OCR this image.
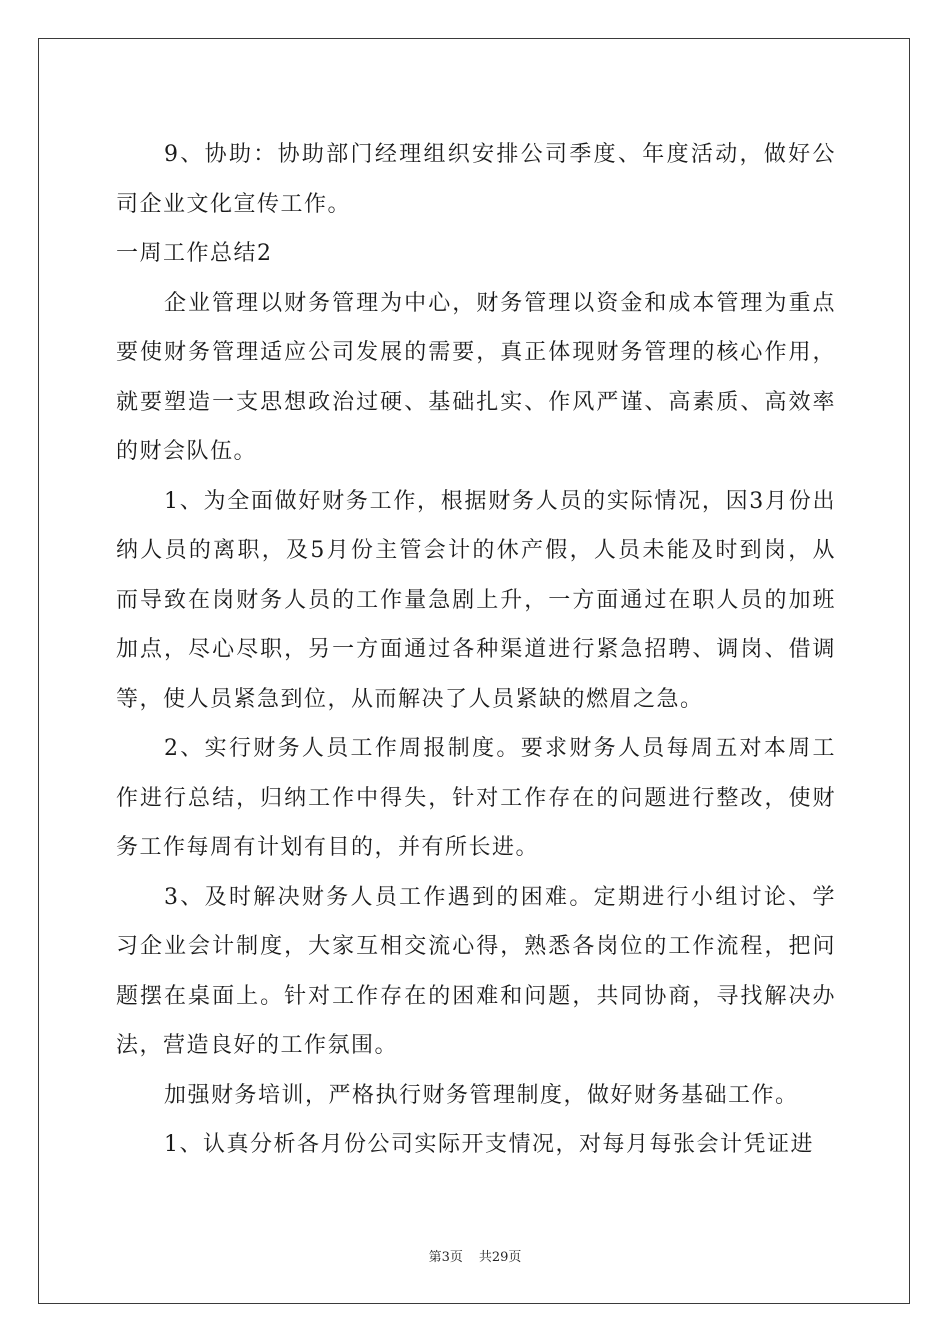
9、协助：协助部门经理组织安排公司季度、年度活动，做好公司企业文化宣传工作。

一周工作总结2

企业管理以财务管理为中心，财务管理以资金和成本管理为重点要使财务管理适应公司发展的需要，真正体现财务管理的核心作用，就要塑造一支思想政治过硬、基础扎实、作风严谨、高素质、高效率的财会队伍。

1、为全面做好财务工作，根据财务人员的实际情况，因3月份出纳人员的离职，及5月份主管会计的休产假，人员未能及时到岗，从而导致在岗财务人员的工作量急剧上升，一方面通过在职人员的加班加点，尽心尽职，另一方面通过各种渠道进行紧急招聘、调岗、借调等，使人员紧急到位，从而解决了人员紧缺的燃眉之急。

2、实行财务人员工作周报制度。要求财务人员每周五对本周工作进行总结，归纳工作中得失，针对工作存在的问题进行整改，使财务工作每周有计划有目的，并有所长进。

3、及时解决财务人员工作遇到的困难。定期进行小组讨论、学习企业会计制度，大家互相交流心得，熟悉各岗位的工作流程，把问题摆在桌面上。针对工作存在的困难和问题，共同协商，寻找解决办法，营造良好的工作氛围。

加强财务培训，严格执行财务管理制度，做好财务基础工作。

1、认真分析各月份公司实际开支情况，对每月每张会计凭证进

第3页 共29页
